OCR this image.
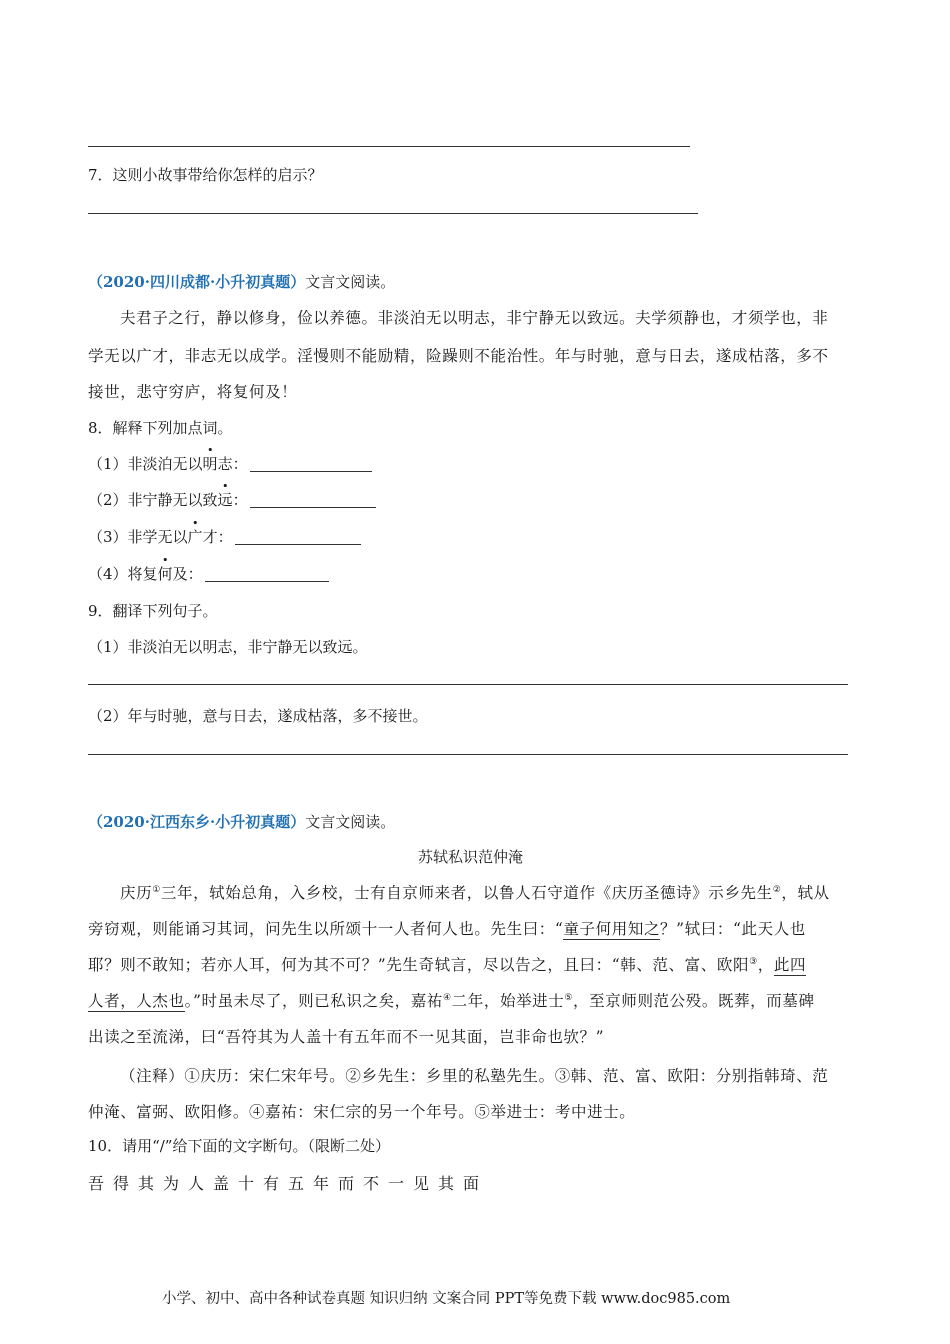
7．这则小故事带给你怎样的启示？
（2020·四川成都·小升初真题）文言文阅读。
夫君子之行，静以修身，俭以养德。非淡泊无以明志，非宁静无以致远。夫学须静也，才须学也，非
学无以广才，非志无以成学。淫慢则不能励精，险躁则不能治性。年与时驰，意与日去，遂成枯落，多不
接世，悲守穷庐，将复何及！
8．解释下列加点词。
（1）非淡泊无以明志：
（2）非宁静无以致远：
（3）非学无以广才：
（4）将复何及：
9．翻译下列句子。
（1）非淡泊无以明志，非宁静无以致远。
（2）年与时驰，意与日去，遂成枯落，多不接世。
（2020·江西东乡·小升初真题）文言文阅读。
苏轼私识范仲淹
庆历①三年，轼始总角，入乡校，士有自京师来者，以鲁人石守道作《庆历圣德诗》示乡先生②，轼从
旁窃观，则能诵习其词，问先生以所颂十一人者何人也。先生曰：“童子何用知之？”轼曰：“此天人也
耶？则不敢知；若亦人耳，何为其不可？”先生奇轼言，尽以告之，且曰：“韩、范、富、欧阳③，此四
人者，人杰也。”时虽未尽了，则已私识之矣，嘉祐④二年，始举进士⑤，至京师则范公殁。既葬，而墓碑
出读之至流涕，曰“吾符其为人盖十有五年而不一见其面，岂非命也欤？”
（注释）①庆历：宋仁宋年号。②乡先生：乡里的私塾先生。③韩、范、富、欧阳：分别指韩琦、范
仲淹、富弼、欧阳修。④嘉祐：宋仁宗的另一个年号。⑤举进士：考中进士。
10．请用“/”给下面的文字断句。（限断二处）
吾 得 其 为 人 盖 十 有 五 年 而 不 一 见 其 面
小学、初中、高中各种试卷真题 知识归纳 文案合同 PPT等免费下载 www.doc985.com
